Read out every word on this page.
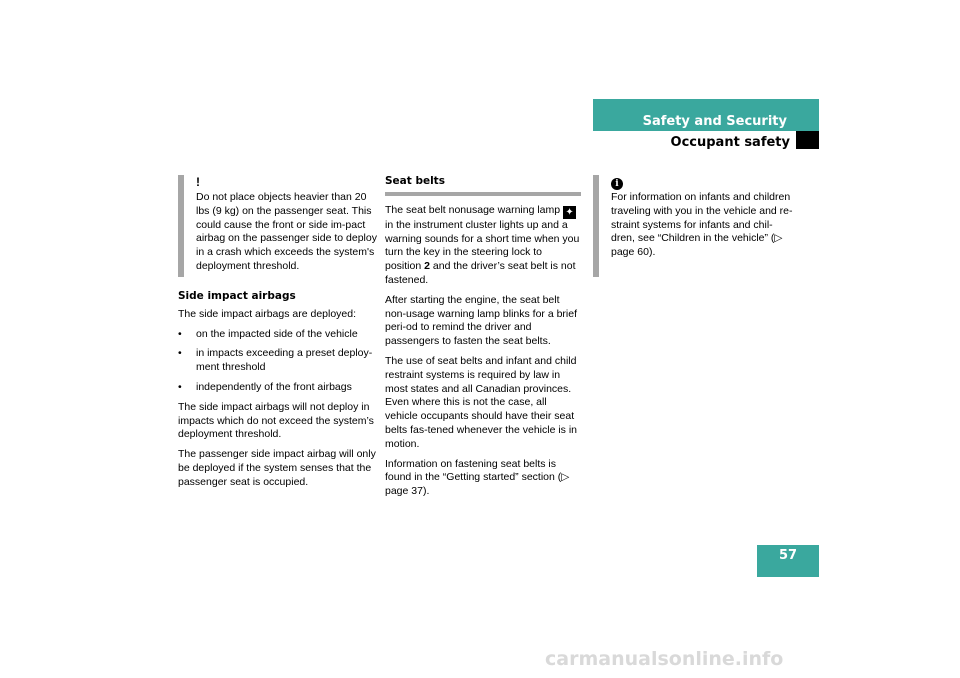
Safety and Security
Occupant safety
!
Do not place objects heavier than 20 lbs (9 kg) on the passenger seat. This could cause the front or side im-pact airbag on the passenger side to deploy in a crash which exceeds the system's deployment threshold.
Side impact airbags

The side impact airbags are deployed:

• on the impacted side of the vehicle
• in impacts exceeding a preset deploy-ment threshold
• independently of the front airbags

The side impact airbags will not deploy in impacts which do not exceed the system’s deployment threshold.

The passenger side impact airbag will only be deployed if the system senses that the passenger seat is occupied.

Seat belts

The seat belt nonusage warning lamp ✦ in the instrument cluster lights up and a warning sounds for a short time when you turn the key in the steering lock to position 2 and the driver’s seat belt is not fastened.

After starting the engine, the seat belt non-usage warning lamp blinks for a brief peri-od to remind the driver and passengers to fasten the seat belts.

The use of seat belts and infant and child restraint systems is required by law in most states and all Canadian provinces. Even where this is not the case, all vehicle occupants should have their seat belts fas-tened whenever the vehicle is in motion.

Information on fastening seat belts is found in the “Getting started” section (▷ page 37).

i
For information on infants and children traveling with you in the vehicle and re-straint systems for infants and chil-dren, see “Children in the vehicle” (▷ page 60).
57
carmanualsonline.info
